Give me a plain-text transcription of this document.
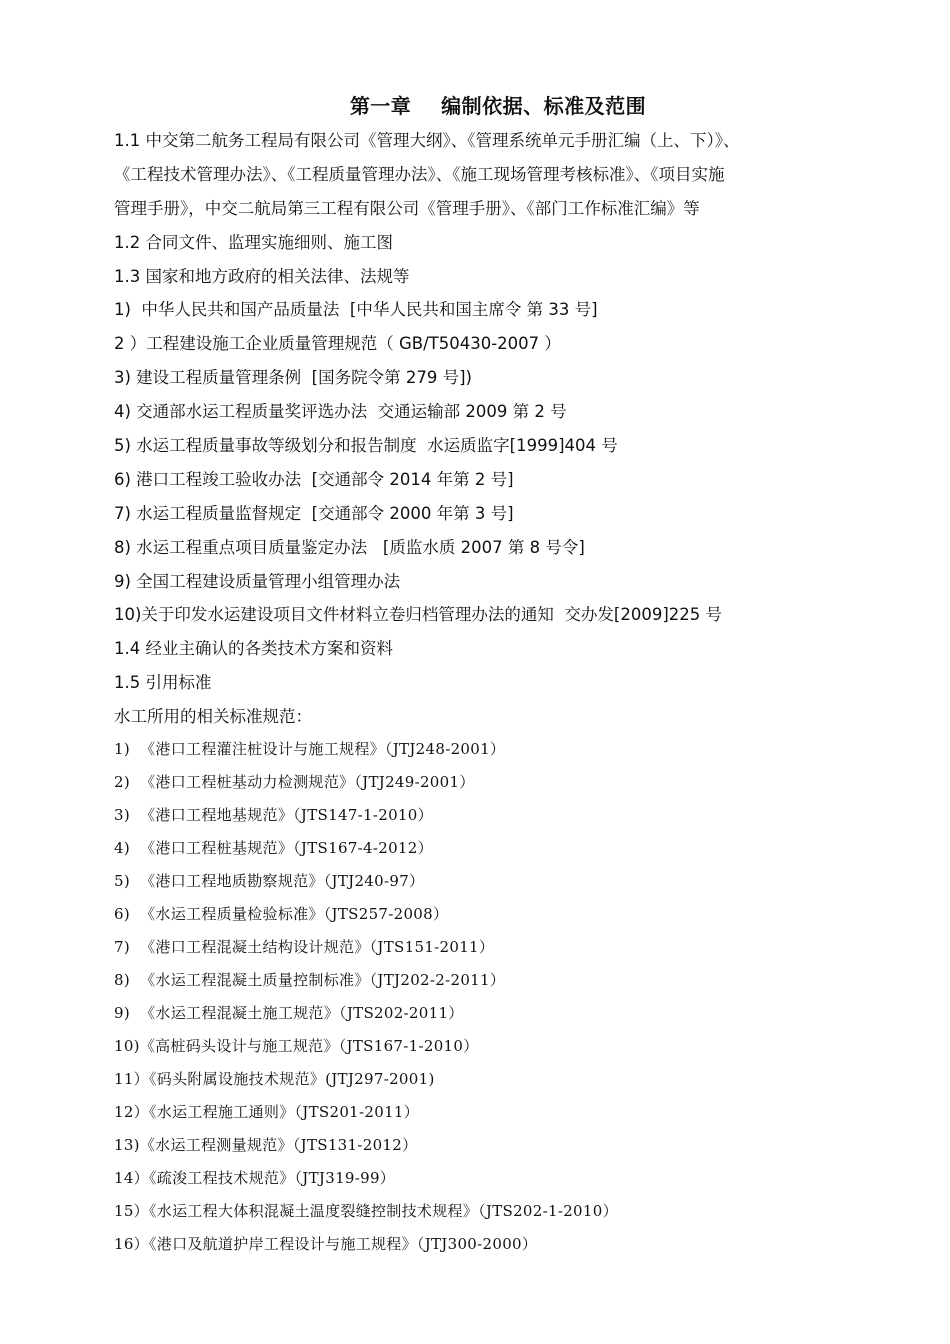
第一章    编制依据、标准及范围
1.1 中交第二航务工程局有限公司《管理大纲》、《管理系统单元手册汇编（上、下）》、
《工程技术管理办法》、《工程质量管理办法》、《施工现场管理考核标准》、《项目实施
管理手册》，中交二航局第三工程有限公司《管理手册》、《部门工作标准汇编》等
1.2 合同文件、监理实施细则、施工图
1.3 国家和地方政府的相关法律、法规等
1)  中华人民共和国产品质量法  [中华人民共和国主席令 第 33 号]
2 ）工程建设施工企业质量管理规范（ GB/T50430-2007 ）
3) 建设工程质量管理条例  [国务院令第 279 号])
4) 交通部水运工程质量奖评选办法  交通运输部 2009 第 2 号
5) 水运工程质量事故等级划分和报告制度  水运质监字[1999]404 号
6) 港口工程竣工验收办法  [交通部令 2014 年第 2 号]
7) 水运工程质量监督规定  [交通部令 2000 年第 3 号]
8) 水运工程重点项目质量鉴定办法   [质监水质 2007 第 8 号令]
9) 全国工程建设质量管理小组管理办法
10)关于印发水运建设项目文件材料立卷归档管理办法的通知  交办发[2009]225 号
1.4 经业主确认的各类技术方案和资料
1.5 引用标准
水工所用的相关标准规范：
1)  《港口工程灌注桩设计与施工规程》（JTJ248-2001）
2)  《港口工程桩基动力检测规范》（JTJ249-2001）
3)  《港口工程地基规范》（JTS147-1-2010）
4)  《港口工程桩基规范》（JTS167-4-2012）
5)  《港口工程地质勘察规范》（JTJ240-97）
6)  《水运工程质量检验标准》（JTS257-2008）
7)  《港口工程混凝土结构设计规范》（JTS151-2011）
8)  《水运工程混凝土质量控制标准》（JTJ202-2-2011）
9)  《水运工程混凝土施工规范》（JTS202-2011）
10)《高桩码头设计与施工规范》（JTS167-1-2010）
11）《码头附属设施技术规范》(JTJ297-2001)
12）《水运工程施工通则》（JTS201-2011）
13)《水运工程测量规范》（JTS131-2012）
14）《疏浚工程技术规范》（JTJ319-99）
15）《水运工程大体积混凝土温度裂缝控制技术规程》（JTS202-1-2010）
16）《港口及航道护岸工程设计与施工规程》（JTJ300-2000）
